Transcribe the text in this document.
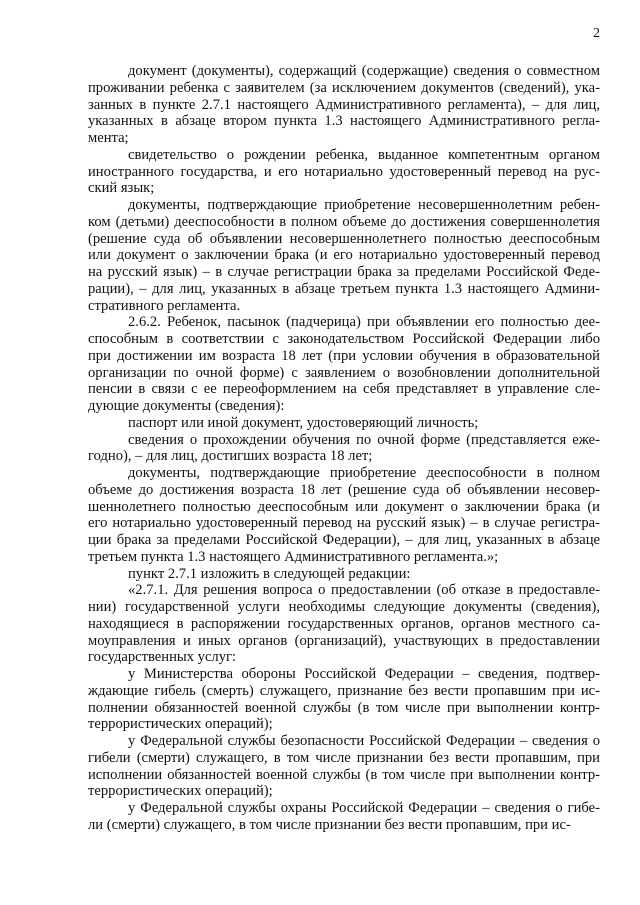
2

документ (документы), содержащий (содержащие) сведения о совместном
проживании ребенка с заявителем (за исключением документов (сведений), ука-
занных в пункте 2.7.1 настоящего Административного регламента), – для лиц,
указанных в абзаце втором пункта 1.3 настоящего Административного регла-
мента;

свидетельство о рождении ребенка, выданное компетентным органом
иностранного государства, и его нотариально удостоверенный перевод на рус-
ский язык;

документы, подтверждающие приобретение несовершеннолетним ребен-
ком (детьми) дееспособности в полном объеме до достижения совершеннолетия
(решение суда об объявлении несовершеннолетнего полностью дееспособным
или документ о заключении брака (и его нотариально удостоверенный перевод
на русский язык) – в случае регистрации брака за пределами Российской Феде-
рации), – для лиц, указанных в абзаце третьем пункта 1.3 настоящего Админи-
стративного регламента.

2.6.2. Ребенок, пасынок (падчерица) при объявлении его полностью дее-
способным в соответствии с законодательством Российской Федерации либо
при достижении им возраста 18 лет (при условии обучения в образовательной
организации по очной форме) с заявлением о возобновлении дополнительной
пенсии в связи с ее переоформлением на себя представляет в управление сле-
дующие документы (сведения):

паспорт или иной документ, удостоверяющий личность;

сведения о прохождении обучения по очной форме (представляется еже-
годно), – для лиц, достигших возраста 18 лет;

документы, подтверждающие приобретение дееспособности в полном
объеме до достижения возраста 18 лет (решение суда об объявлении несовер-
шеннолетнего полностью дееспособным или документ о заключении брака (и
его нотариально удостоверенный перевод на русский язык) – в случае регистра-
ции брака за пределами Российской Федерации), – для лиц, указанных в абзаце
третьем пункта 1.3 настоящего Административного регламента.»;

пункт 2.7.1 изложить в следующей редакции:

«2.7.1. Для решения вопроса о предоставлении (об отказе в предоставле-
нии) государственной услуги необходимы следующие документы (сведения),
находящиеся в распоряжении государственных органов, органов местного са-
моуправления и иных органов (организаций), участвующих в предоставлении
государственных услуг:

у Министерства обороны Российской Федерации – сведения, подтвер-
ждающие гибель (смерть) служащего, признание без вести пропавшим при ис-
полнении обязанностей военной службы (в том числе при выполнении контр-
террористических операций);

у Федеральной службы безопасности Российской Федерации – сведения о
гибели (смерти) служащего, в том числе признании без вести пропавшим, при
исполнении обязанностей военной службы (в том числе при выполнении контр-
террористических операций);

у Федеральной службы охраны Российской Федерации – сведения о гибе-
ли (смерти) служащего, в том числе признании без вести пропавшим, при ис-
